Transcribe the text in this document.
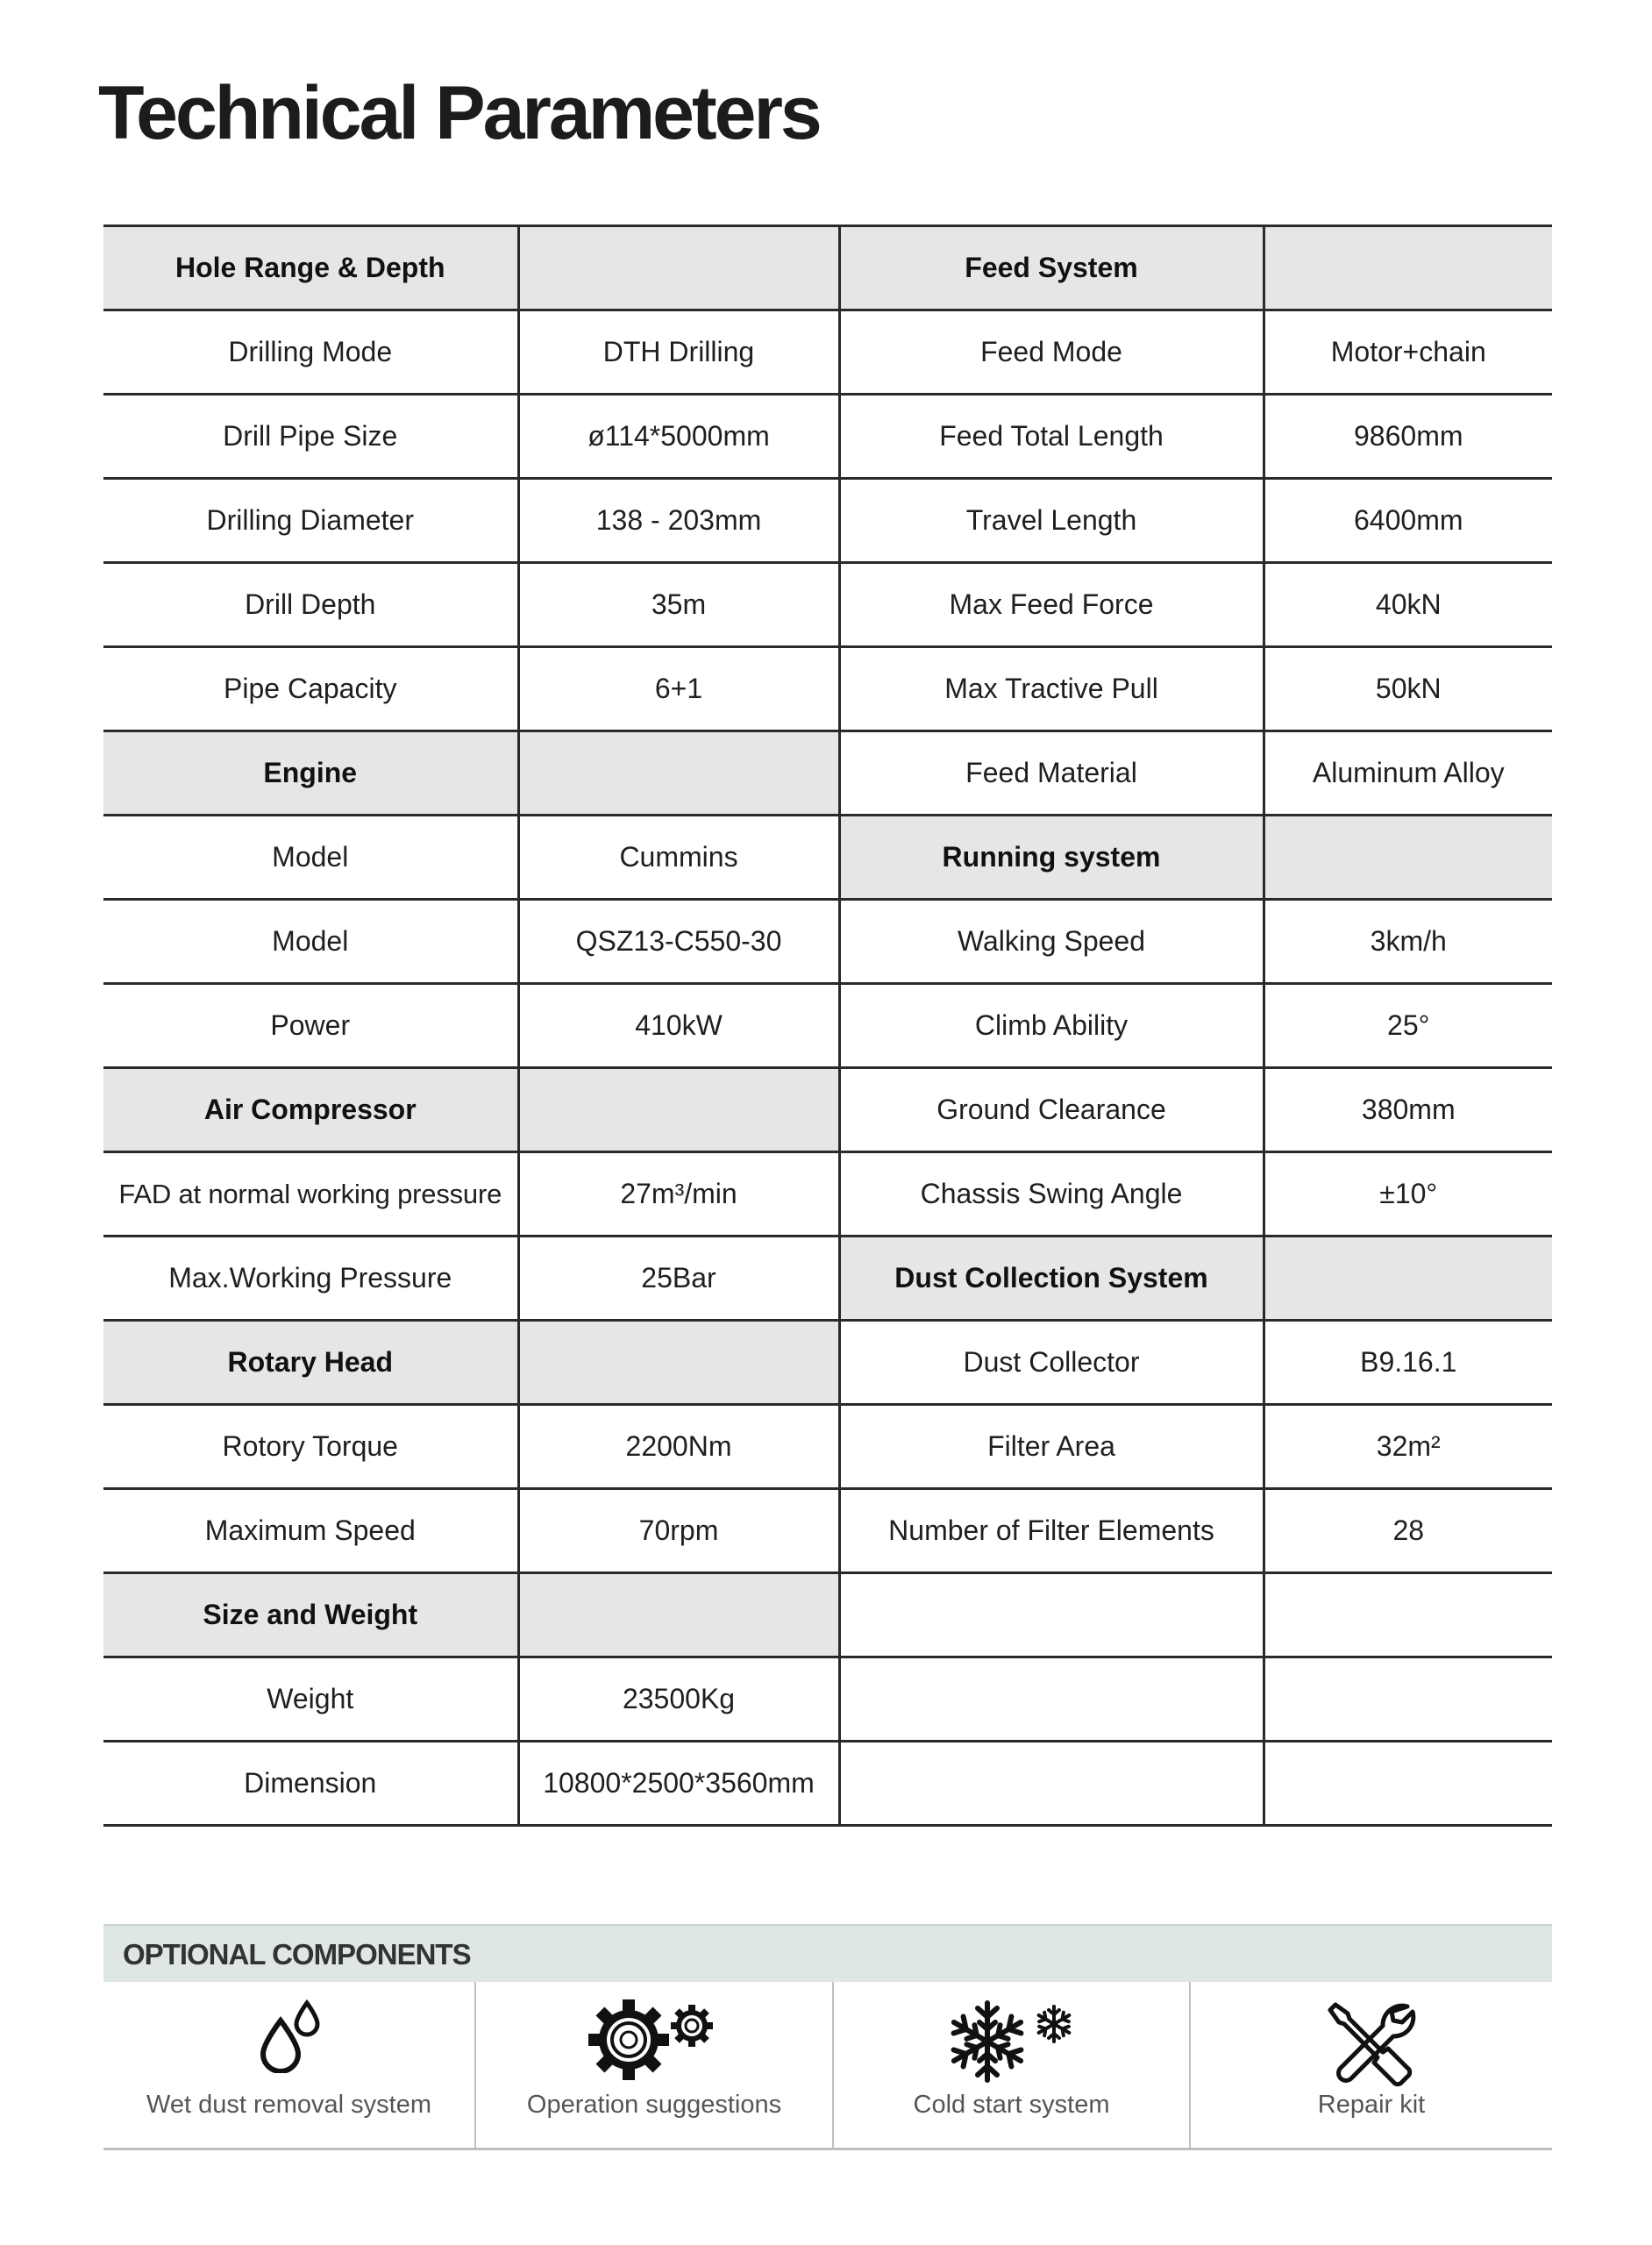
Technical Parameters
Hole Range & Depth		Feed System	
Drilling Mode	DTH Drilling	Feed Mode	Motor+chain
Drill Pipe Size	ø114*5000mm	Feed Total Length	9860mm
Drilling Diameter	138 - 203mm	Travel Length	6400mm
Drill Depth	35m	Max Feed Force	40kN
Pipe Capacity	6+1	Max Tractive Pull	50kN
Engine		Feed Material	Aluminum Alloy
Model	Cummins	Running system	
Model	QSZ13-C550-30	Walking Speed	3km/h
Power	410kW	Climb Ability	25°
Air Compressor		Ground Clearance	380mm
FAD at normal working pressure	27m³/min	Chassis Swing Angle	±10°
Max.Working Pressure	25Bar	Dust Collection System	
Rotary Head		Dust Collector	B9.16.1
Rotory Torque	2200Nm	Filter Area	32m²
Maximum Speed	70rpm	Number of Filter Elements	28
Size and Weight			
Weight	23500Kg		
Dimension	10800*2500*3560mm		
OPTIONAL COMPONENTS
Wet dust removal system	Operation suggestions	Cold start system	Repair kit
